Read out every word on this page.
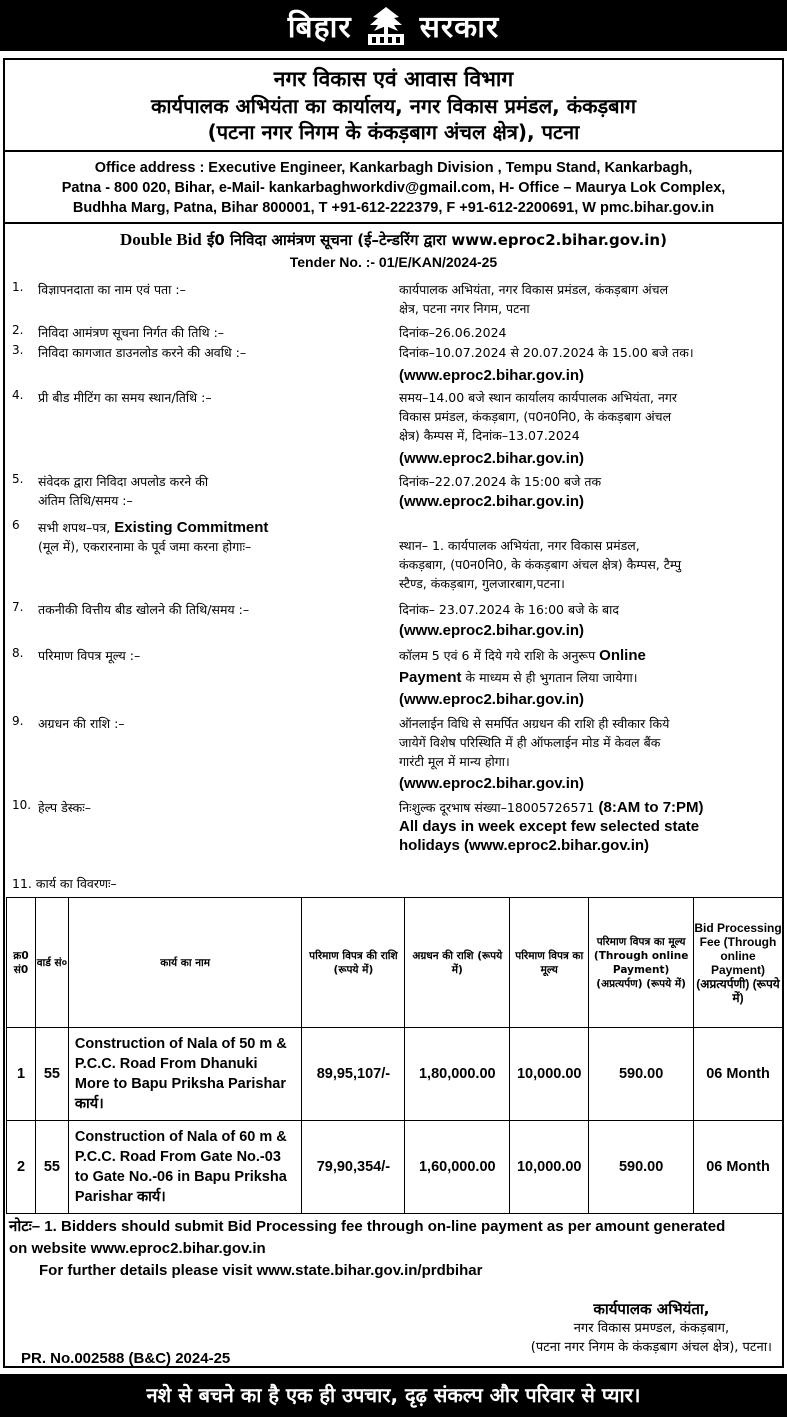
बिहार सरकार
नगर विकास एवं आवास विभाग
कार्यपालक अभियंता का कार्यालय, नगर विकास प्रमंडल, कंकड़बाग
(पटना नगर निगम के कंकड़बाग अंचल क्षेत्र), पटना
Office address : Executive Engineer, Kankarbagh Division , Tempu Stand, Kankarbagh,
Patna - 800 020, Bihar, e-Mail- kankarbaghworkdiv@gmail.com, H- Office – Maurya Lok Complex,
Budhha Marg, Patna, Bihar 800001, T +91-612-222379, F +91-612-2200691, W pmc.bihar.gov.in
Double Bid ई0 निविदा आमंत्रण सूचना (ई–टेन्डरिंग द्वारा www.eproc2.bihar.gov.in)
Tender No. :- 01/E/KAN/2024-25
1. विज्ञापनदाता का नाम एवं पता :–	कार्यपालक अभियंता, नगर विकास प्रमंडल, कंकड़बाग अंचल
क्षेत्र, पटना नगर निगम, पटना
2. निविदा आमंत्रण सूचना निर्गत की तिथि :–	दिनांक–26.06.2024
3. निविदा कागजात डाउनलोड करने की अवधि :–	दिनांक–10.07.2024 से 20.07.2024 के 15.00 बजे तक।
(www.eproc2.bihar.gov.in)
4. प्री बीड मीटिंग का समय स्थान/तिथि :–	समय–14.00 बजे स्थान कार्यालय कार्यपालक अभियंता, नगर
विकास प्रमंडल, कंकड़बाग, (प0न0नि0, के कंकड़बाग अंचल
क्षेत्र) कैम्पस में, दिनांक–13.07.2024
(www.eproc2.bihar.gov.in)
5. संवेदक द्वारा निविदा अपलोड करने की
अंतिम तिथि/समय :–
दिनांक–22.07.2024 के 15:00 बजे तक
(www.eproc2.bihar.gov.in)
6 सभी शपथ–पत्र, Existing Commitment
(मूल में), एकरारनामा के पूर्व जमा करना होगाः–	स्थान– 1. कार्यपालक अभियंता, नगर विकास प्रमंडल,
कंकड़बाग, (प0न0नि0, के कंकड़बाग अंचल क्षेत्र) कैम्पस, टैम्पु
स्टैण्ड, कंकड़बाग, गुलजारबाग,पटना।
7. तकनीकी वित्तीय बीड खोलने की तिथि/समय :–	दिनांक– 23.07.2024 के 16:00 बजे के बाद
(www.eproc2.bihar.gov.in)
8. परिमाण विपत्र मूल्य :–	कॉलम 5 एवं 6 में दिये गये राशि के अनुरूप Online
Payment के माध्यम से ही भुगतान लिया जायेगा।
(www.eproc2.bihar.gov.in)
9. अग्रधन की राशि :–	ऑनलाईन विधि से समर्पित अग्रधन की राशि ही स्वीकार किये
जायेगें विशेष परिस्थिति में ही ऑफलाईन मोड में केवल बैंक
गारंटी मूल में मान्य होगा।
(www.eproc2.bihar.gov.in)
10. हेल्प डेस्कः–	निःशुल्क दूरभाष संख्या–18005726571 (8:AM to 7:PM)
All days in week except few selected state
holidays (www.eproc2.bihar.gov.in)
11. कार्य का विवरणः–
क्र0 सं0	वार्ड सं०	कार्य का नाम	परिमाण विपत्र की राशि (रूपये में)	अग्रधन की राशि (रूपये में)	परिमाण विपत्र का मूल्य	परिमाण विपत्र का मूल्य (Through online Payment) (अप्रत्यर्पण) (रूपये में)	Bid Processing Fee (Through online Payment) (अप्रत्यर्पणी) (रूपये में)
1	55	Construction of Nala of 50 m & P.C.C. Road From Dhanuki More to Bapu Priksha Parishar कार्य।	89,95,107/-	1,80,000.00	10,000.00	590.00	06 Month
2	55	Construction of Nala of 60 m & P.C.C. Road From Gate No.-03 to Gate No.-06 in Bapu Priksha Parishar कार्य।	79,90,354/-	1,60,000.00	10,000.00	590.00	06 Month
नोटः– 1. Bidders should submit Bid Processing fee through on-line payment as per amount generated
on website www.eproc2.bihar.gov.in
For further details please visit www.state.bihar.gov.in/prdbihar
कार्यपालक अभियंता,
नगर विकास प्रमण्डल, कंकड़बाग,
(पटना नगर निगम के कंकड़बाग अंचल क्षेत्र), पटना।
PR. No.002588 (B&C) 2024-25
नशे से बचने का है एक ही उपचार, दृढ़ संकल्प और परिवार से प्यार।
